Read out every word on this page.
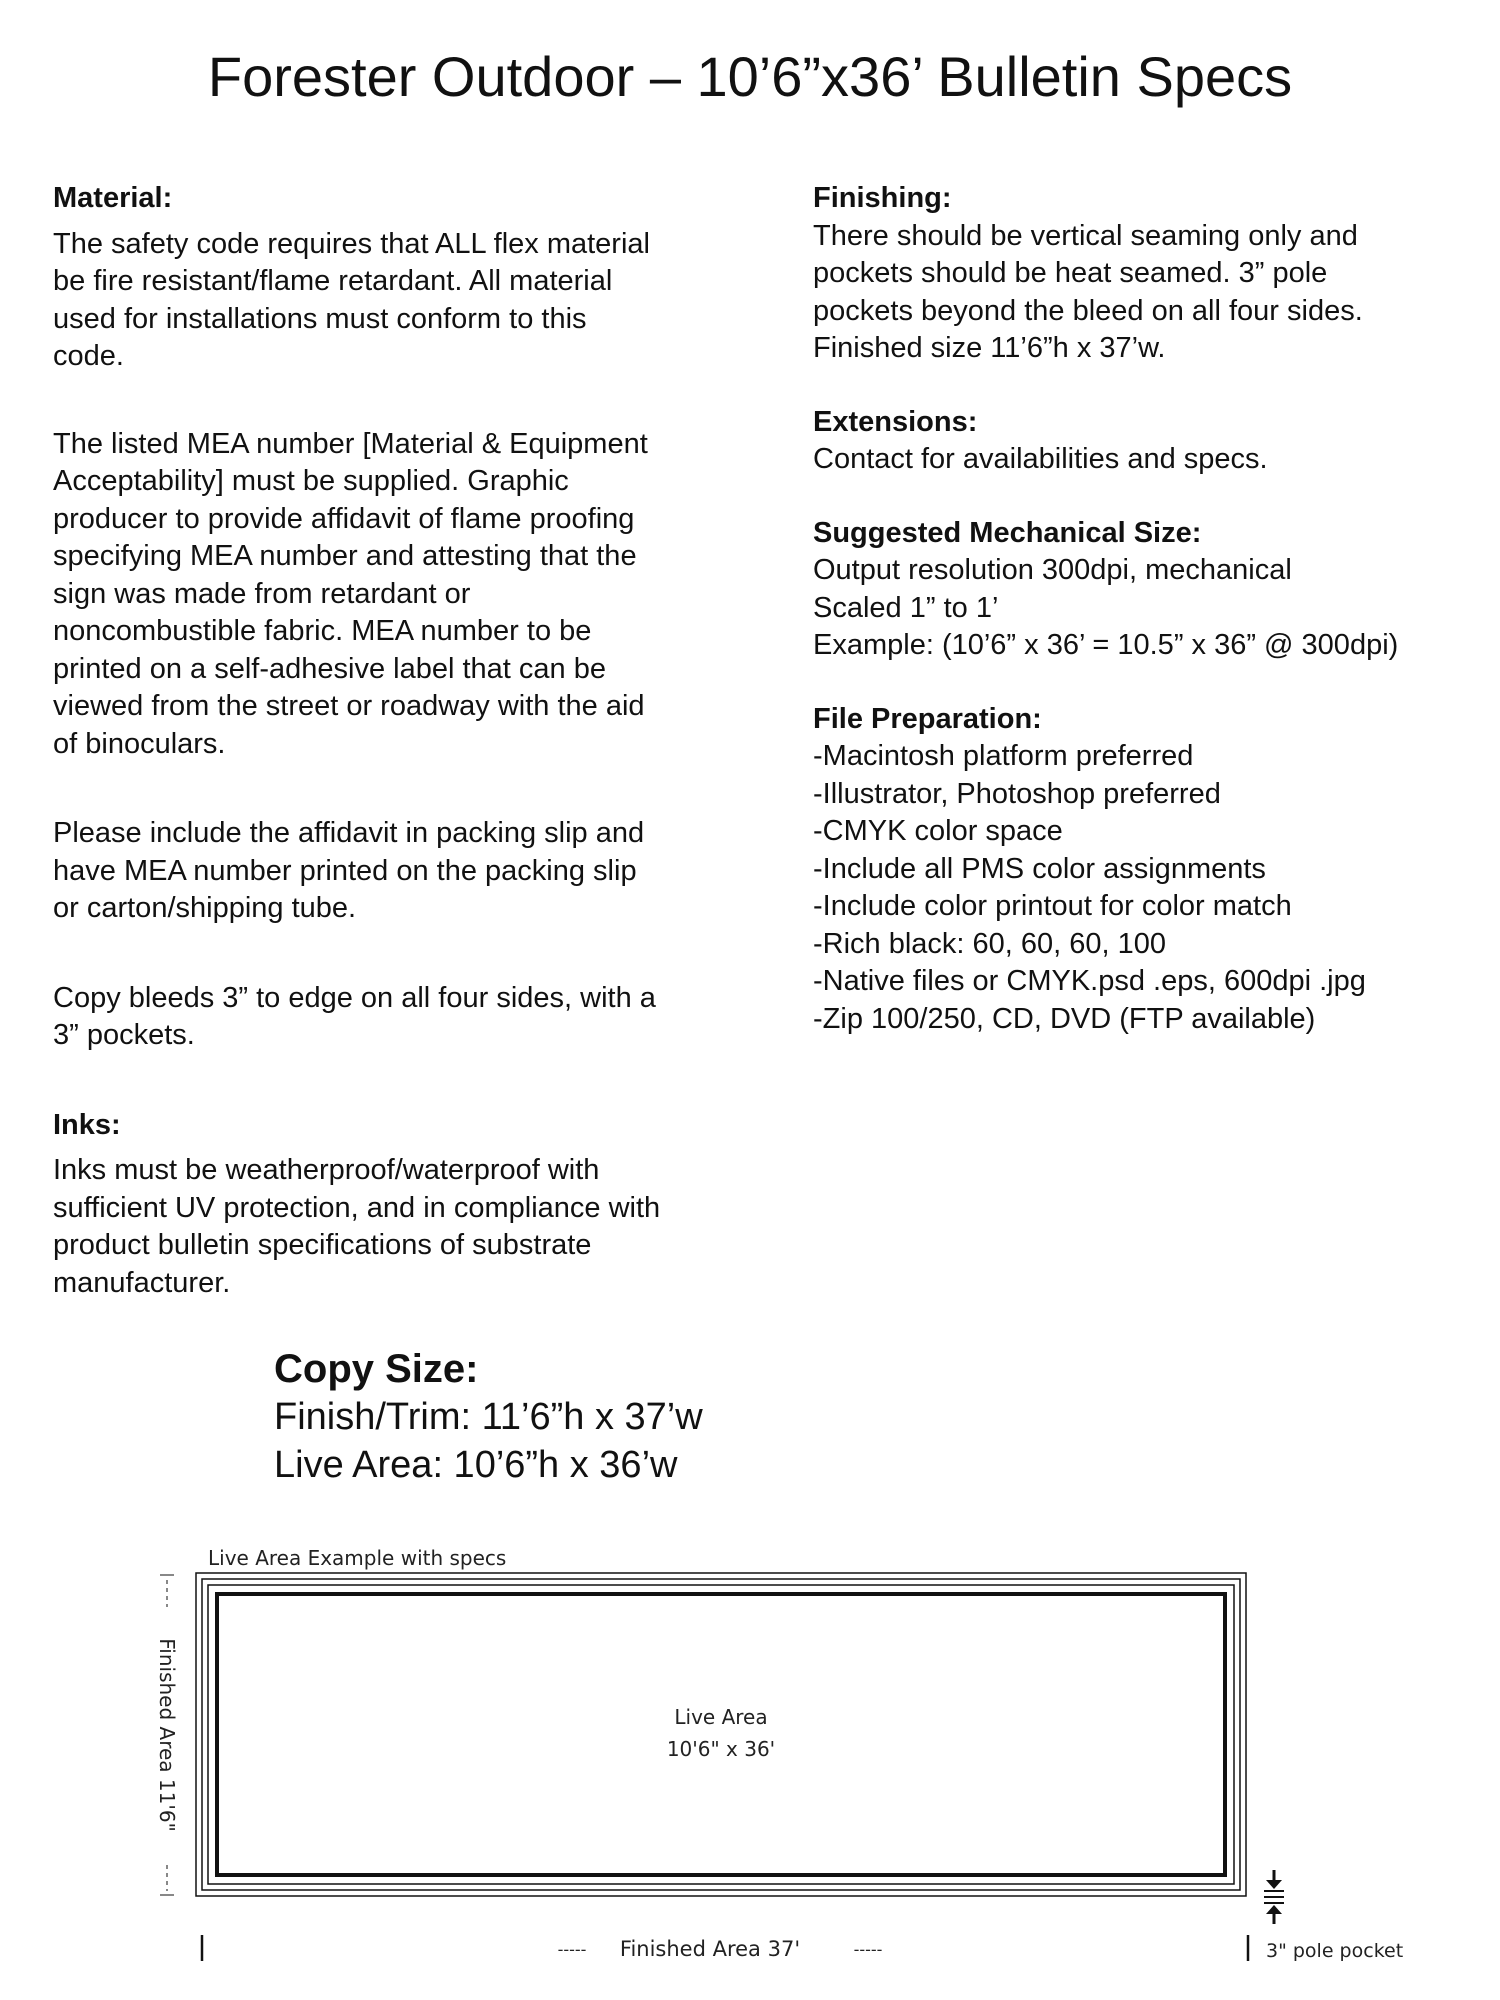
Forester Outdoor – 10’6”x36’ Bulletin Specs
Material:
The safety code requires that ALL flex material
be fire resistant/flame retardant. All material
used for installations must conform to this
code.
The listed MEA number [Material & Equipment
Acceptability] must be supplied. Graphic
producer to provide affidavit of flame proofing
specifying MEA number and attesting that the
sign was made from retardant or
noncombustible fabric. MEA number to be
printed on a self-adhesive label that can be
viewed from the street or roadway with the aid
of binoculars.
Please include the affidavit in packing slip and
have MEA number printed on the packing slip
or carton/shipping tube.
Copy bleeds 3” to edge on all four sides, with a
3” pockets.
Inks:
Inks must be weatherproof/waterproof with
sufficient UV protection, and in compliance with
product bulletin specifications of substrate
manufacturer.
Finishing:
There should be vertical seaming only and
pockets should be heat seamed. 3” pole
pockets beyond the bleed on all four sides.
Finished size 11’6”h x 37’w.
Extensions:
Contact for availabilities and specs.
Suggested Mechanical Size:
Output resolution 300dpi, mechanical
Scaled 1” to 1’
Example: (10’6” x 36’ = 10.5” x 36” @ 300dpi)
File Preparation:
-Macintosh platform preferred
-Illustrator, Photoshop preferred
-CMYK color space
-Include all PMS color assignments
-Include color printout for color match
-Rich black: 60, 60, 60, 100
-Native files or CMYK.psd .eps, 600dpi .jpg
-Zip 100/250, CD, DVD (FTP available)
Copy Size:
Finish/Trim: 11’6”h x 37’w
Live Area: 10’6”h x 36’w
Live Area Example with specs
Live Area
10'6" x 36'
Finished Area 11'6"
----- Finished Area 37'	-----	3" pole pocket
